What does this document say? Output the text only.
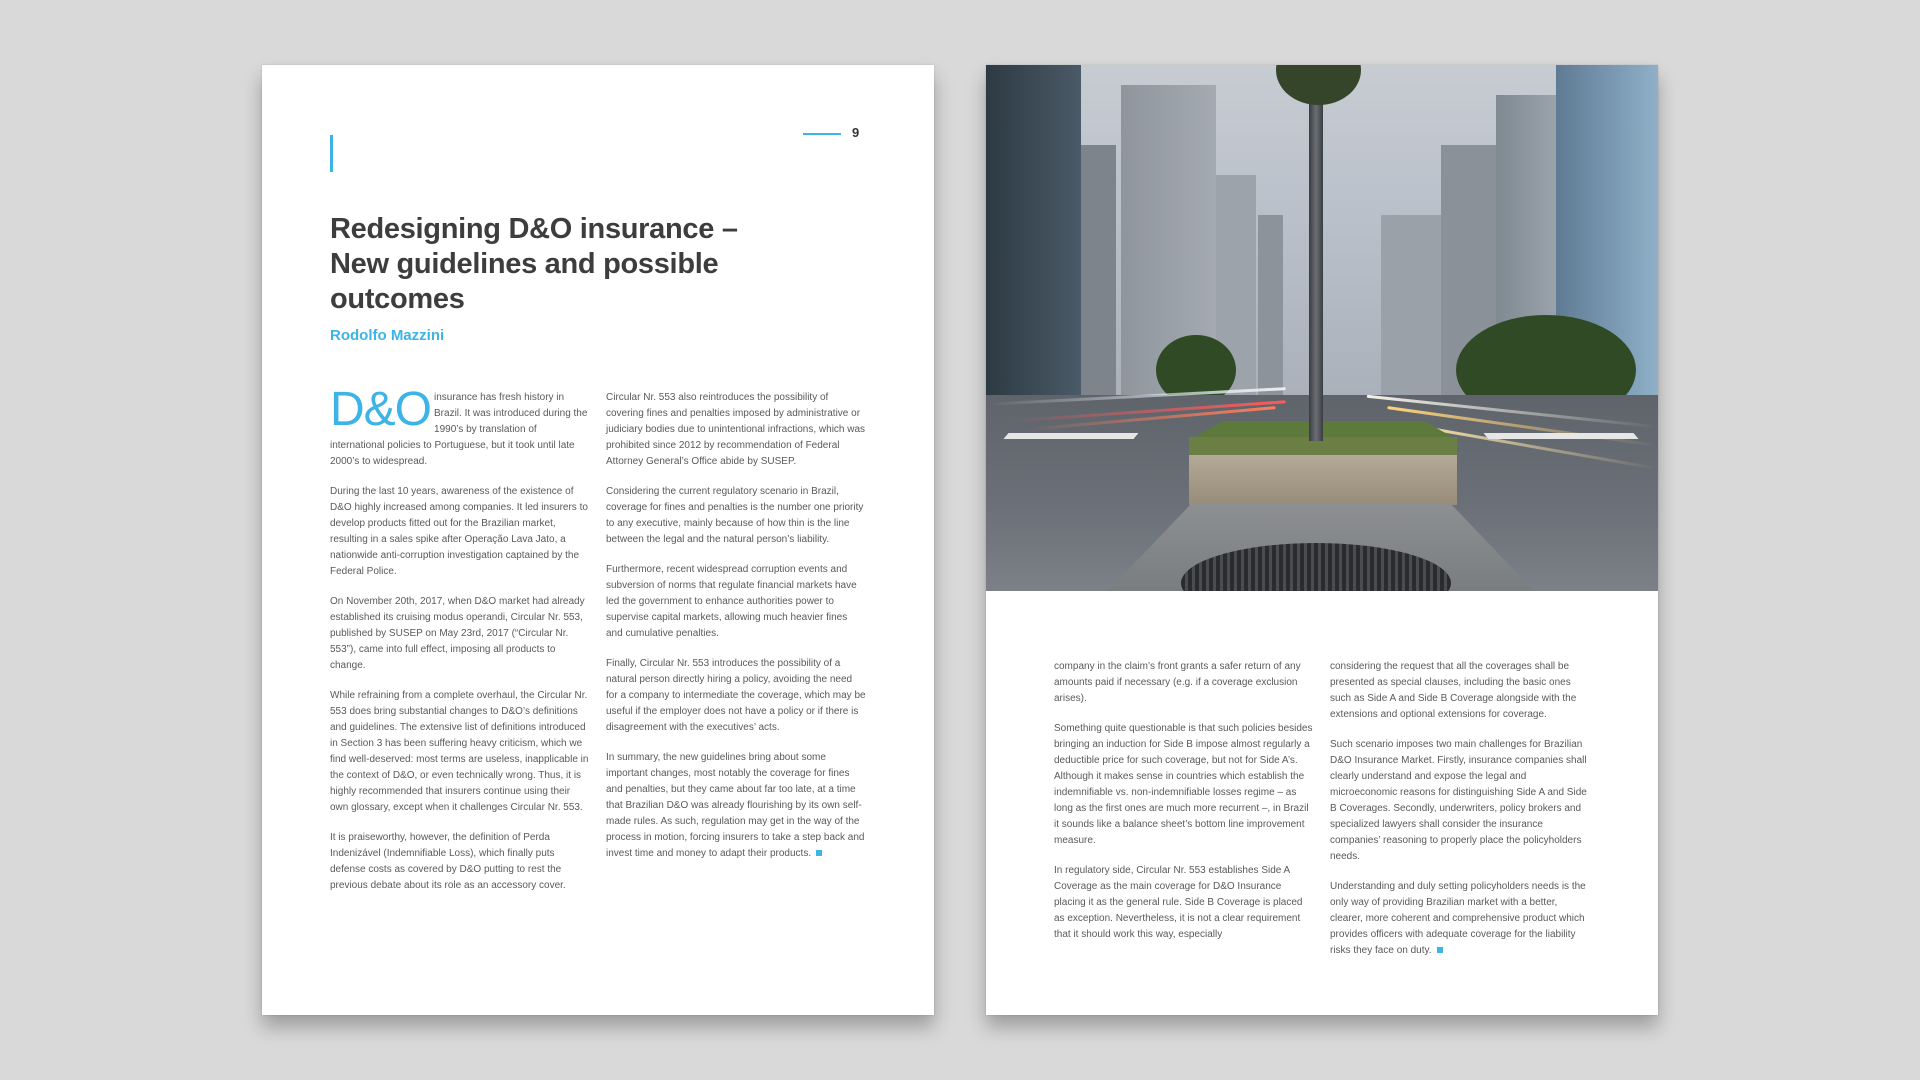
9
Redesigning D&O insurance – New guidelines and possible outcomes
Rodolfo Mazzini

D&O insurance has fresh history in Brazil. It was introduced during the 1990’s by translation of international policies to Portuguese, but it took until late 2000’s to widespread.

During the last 10 years, awareness of the existence of D&O highly increased among companies. It led insurers to develop products fitted out for the Brazilian market, resulting in a sales spike after Operação Lava Jato, a nationwide anti-corruption investigation captained by the Federal Police.

On November 20th, 2017, when D&O market had already established its cruising modus operandi, Circular Nr. 553, published by SUSEP on May 23rd, 2017 (“Circular Nr. 553”), came into full effect, imposing all products to change.

While refraining from a complete overhaul, the Circular Nr. 553 does bring substantial changes to D&O’s definitions and guidelines. The extensive list of definitions introduced in Section 3 has been suffering heavy criticism, which we find well-deserved: most terms are useless, inapplicable in the context of D&O, or even technically wrong. Thus, it is highly recommended that insurers continue using their own glossary, except when it challenges Circular Nr. 553.

It is praiseworthy, however, the definition of Perda Indenizável (Indemnifiable Loss), which finally puts defense costs as covered by D&O putting to rest the previous debate about its role as an accessory cover.

Circular Nr. 553 also reintroduces the possibility of covering fines and penalties imposed by administrative or judiciary bodies due to unintentional infractions, which was prohibited since 2012 by recommendation of Federal Attorney General’s Office abide by SUSEP.

Considering the current regulatory scenario in Brazil, coverage for fines and penalties is the number one priority to any executive, mainly because of how thin is the line between the legal and the natural person’s liability.

Furthermore, recent widespread corruption events and subversion of norms that regulate financial markets have led the government to enhance authorities power to supervise capital markets, allowing much heavier fines and cumulative penalties.

Finally, Circular Nr. 553 introduces the possibility of a natural person directly hiring a policy, avoiding the need for a company to intermediate the coverage, which may be useful if the employer does not have a policy or if there is disagreement with the executives’ acts.

In summary, the new guidelines bring about some important changes, most notably the coverage for fines and penalties, but they came about far too late, at a time that Brazilian D&O was already flourishing by its own self-made rules. As such, regulation may get in the way of the process in motion, forcing insurers to take a step back and invest time and money to adapt their products.

company in the claim’s front grants a safer return of any amounts paid if necessary (e.g. if a coverage exclusion arises).

Something quite questionable is that such policies besides bringing an induction for Side B impose almost regularly a deductible price for such coverage, but not for Side A’s. Although it makes sense in countries which establish the indemnifiable vs. non-indemnifiable losses regime – as long as the first ones are much more recurrent –, in Brazil it sounds like a balance sheet’s bottom line improvement measure.

In regulatory side, Circular Nr. 553 establishes Side A Coverage as the main coverage for D&O Insurance placing it as the general rule. Side B Coverage is placed as exception. Nevertheless, it is not a clear requirement that it should work this way, especially

considering the request that all the coverages shall be presented as special clauses, including the basic ones such as Side A and Side B Coverage alongside with the extensions and optional extensions for coverage.

Such scenario imposes two main challenges for Brazilian D&O Insurance Market. Firstly, insurance companies shall clearly understand and expose the legal and microeconomic reasons for distinguishing Side A and Side B Coverages. Secondly, underwriters, policy brokers and specialized lawyers shall consider the insurance companies’ reasoning to properly place the policyholders needs.

Understanding and duly setting policyholders needs is the only way of providing Brazilian market with a better, clearer, more coherent and comprehensive product which provides officers with adequate coverage for the liability risks they face on duty.
